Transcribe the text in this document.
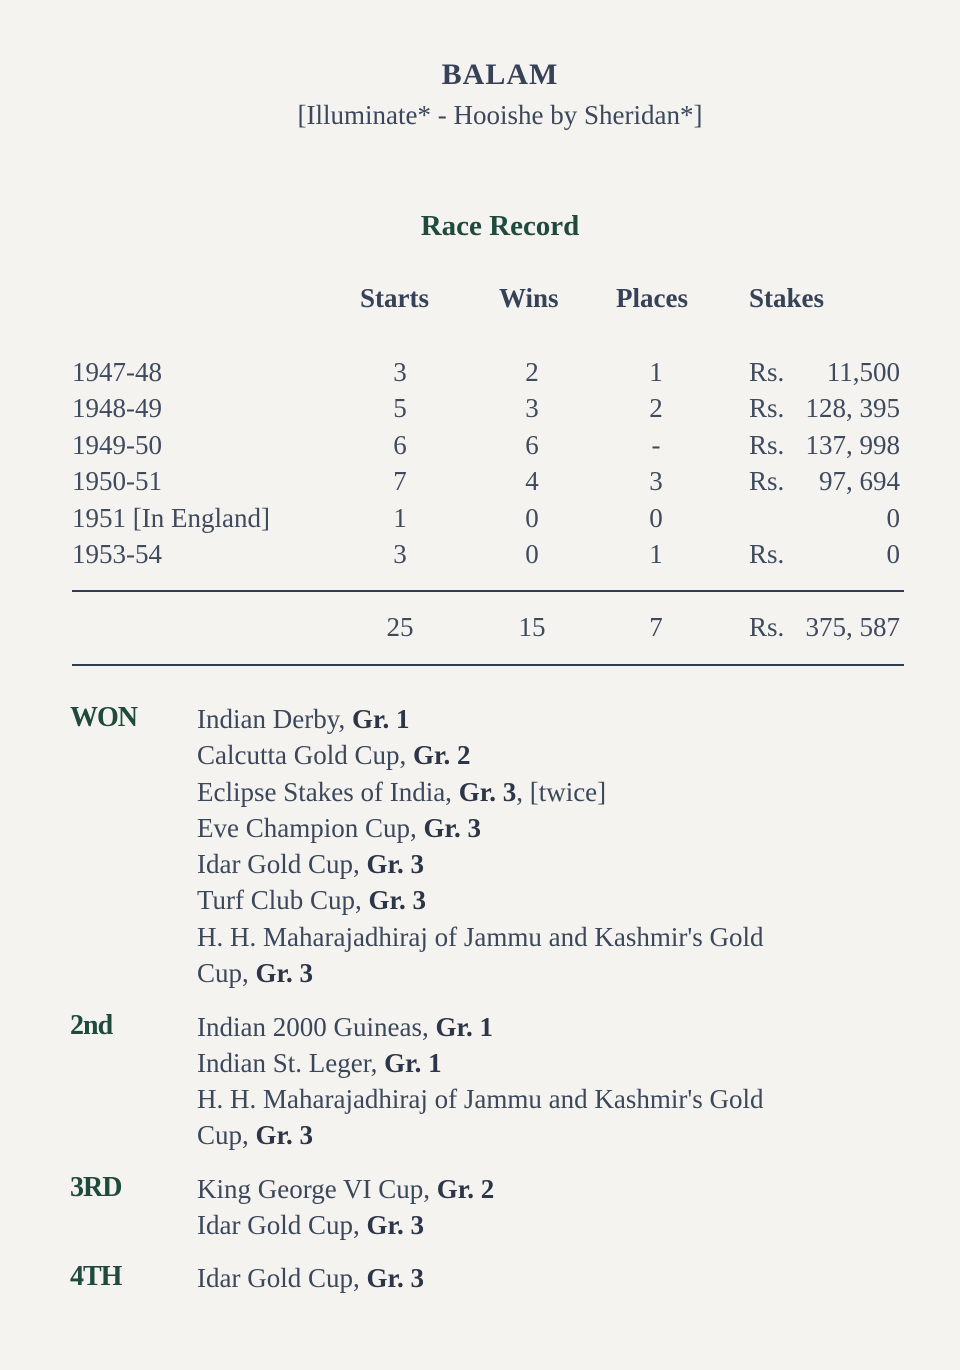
BALAM
[Illuminate* - Hooishe by Sheridan*]
Race Record
Starts	Wins Places Stakes
1947-48	3	2	1	Rs. 11,500
1948-49	5	3	2	Rs. 128, 395
1949-50	6	6	-	Rs. 137, 998
1950-51	7	4	3	Rs. 97, 694
1951 [In England]	1	0	0	0
1953-54	3	0	1	Rs.	0
25	15	7	Rs. 375, 587
WON Indian Derby, Gr. 1
Calcutta Gold Cup, Gr. 2
Eclipse Stakes of India, Gr. 3, [twice]
Eve Champion Cup, Gr. 3
Idar Gold Cup, Gr. 3
Turf Club Cup, Gr. 3
H. H. Maharajadhiraj of Jammu and Kashmir's Gold
Cup, Gr. 3
2nd	Indian 2000 Guineas, Gr. 1
Indian St. Leger, Gr. 1
H. H. Maharajadhiraj of Jammu and Kashmir's Gold
Cup, Gr. 3
3RD	King George VI Cup, Gr. 2
Idar Gold Cup, Gr. 3
4TH	Idar Gold Cup, Gr. 3
